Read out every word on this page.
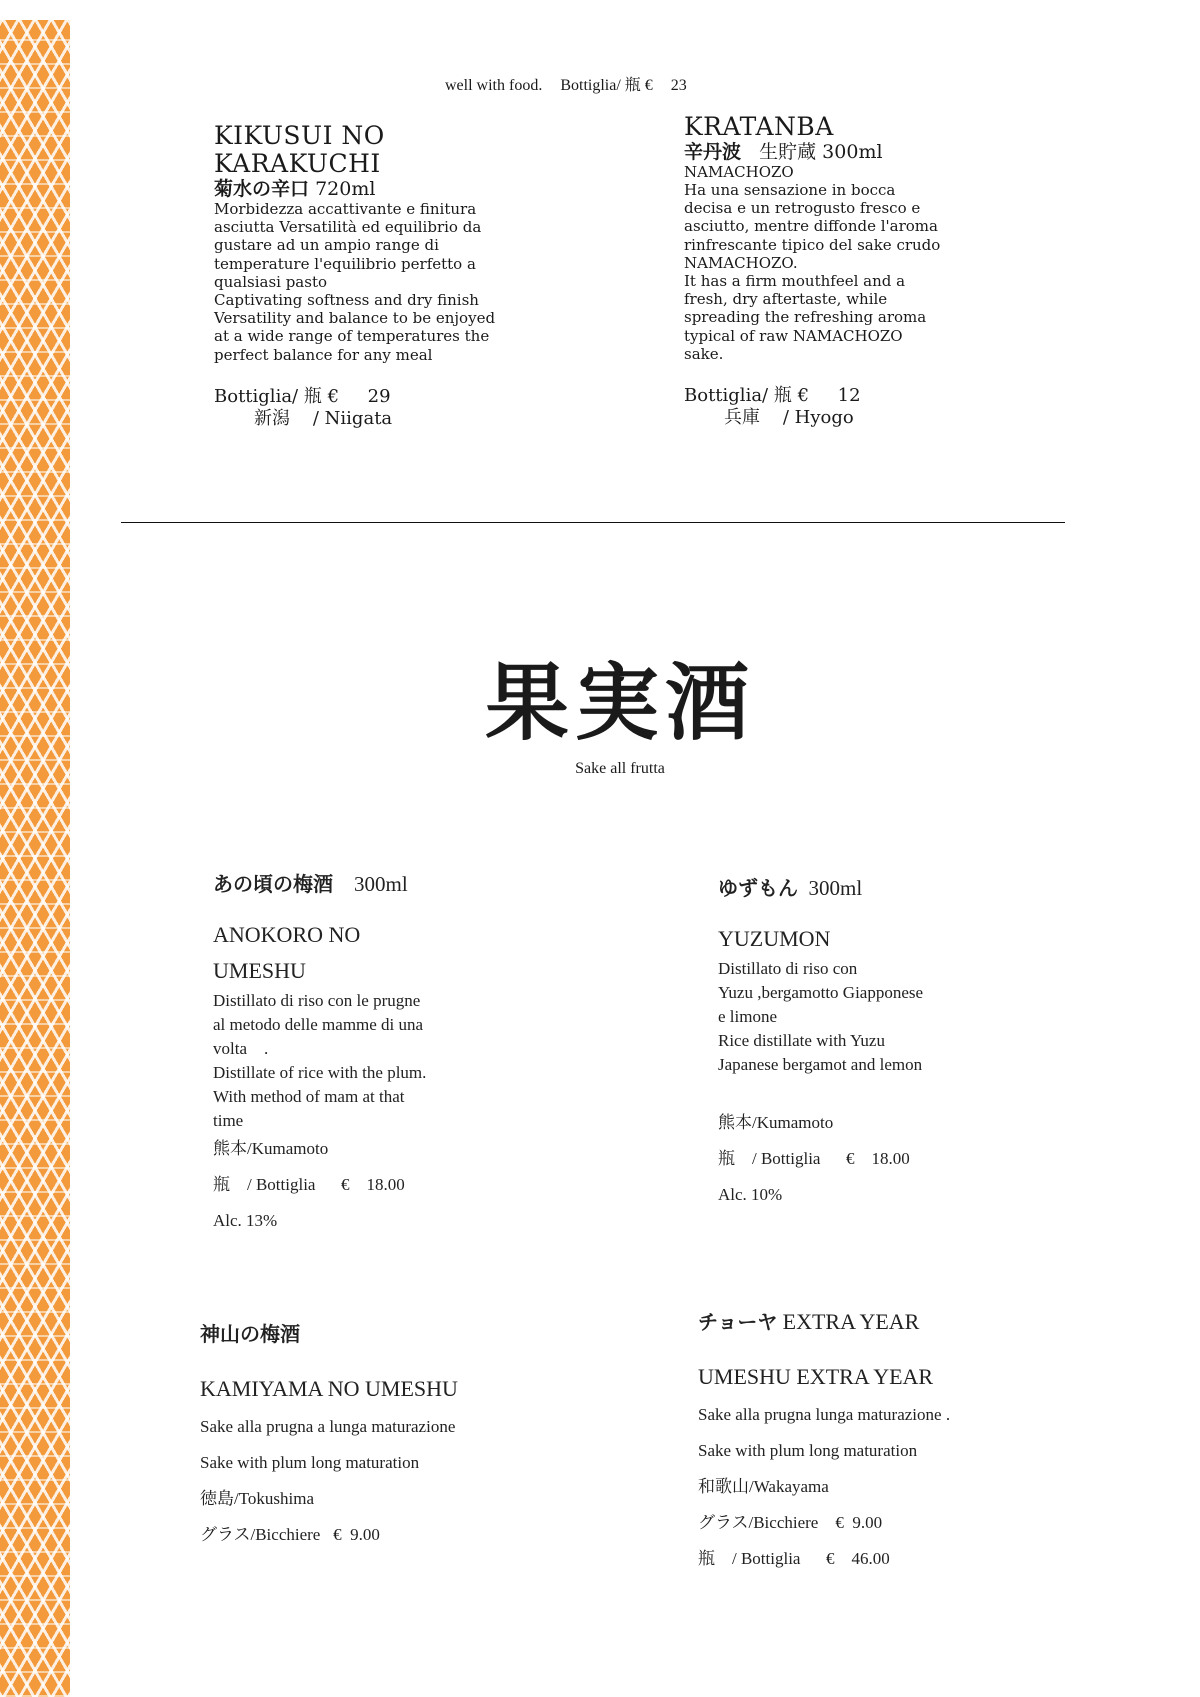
well with food. Bottiglia/ 瓶 € 23
KIKUSUI NO
KARAKUCHI
菊水の辛口 720ml
Morbidezza accattivante e finitura
asciutta Versatilità ed equilibrio da
gustare ad un ampio range di
temperature l'equilibrio perfetto a
qualsiasi pasto
Captivating softness and dry finish
Versatility and balance to be enjoyed
at a wide range of temperatures the
perfect balance for any meal
Bottiglia/ 瓶 €     29
新潟    / Niigata
KRATANBA
辛丹波 生貯蔵 300ml
NAMACHOZO
Ha una sensazione in bocca
decisa e un retrogusto fresco e
asciutto, mentre diffonde l'aroma
rinfrescante tipico del sake crudo
NAMACHOZO.
It has a firm mouthfeel and a
fresh, dry aftertaste, while
spreading the refreshing aroma
typical of raw NAMACHOZO
sake.
Bottiglia/ 瓶 €     12
兵庫    / Hyogo
果実酒
Sake all frutta
あの頃の梅酒 300ml
ANOKORO NO
UMESHU
Distillato di riso con le prugne
al metodo delle mamme di una
volta    .
Distillate of rice with the plum.
With method of mam at that
time
熊本/Kumamoto
瓶    / Bottiglia      €    18.00
Alc. 13%
ゆずもん 300ml
YUZUMON
Distillato di riso con
Yuzu ,bergamotto Giapponese
e limone
Rice distillate with Yuzu
Japanese bergamot and lemon
熊本/Kumamoto
瓶    / Bottiglia      €    18.00
Alc. 10%
神山の梅酒
KAMIYAMA NO UMESHU
Sake alla prugna a lunga maturazione
Sake with plum long maturation
徳島/Tokushima
グラス/Bicchiere   €  9.00
チョーヤ EXTRA YEAR
UMESHU EXTRA YEAR
Sake alla prugna lunga maturazione .
Sake with plum long maturation
和歌山/Wakayama
グラス/Bicchiere    €  9.00
瓶    / Bottiglia      €    46.00
